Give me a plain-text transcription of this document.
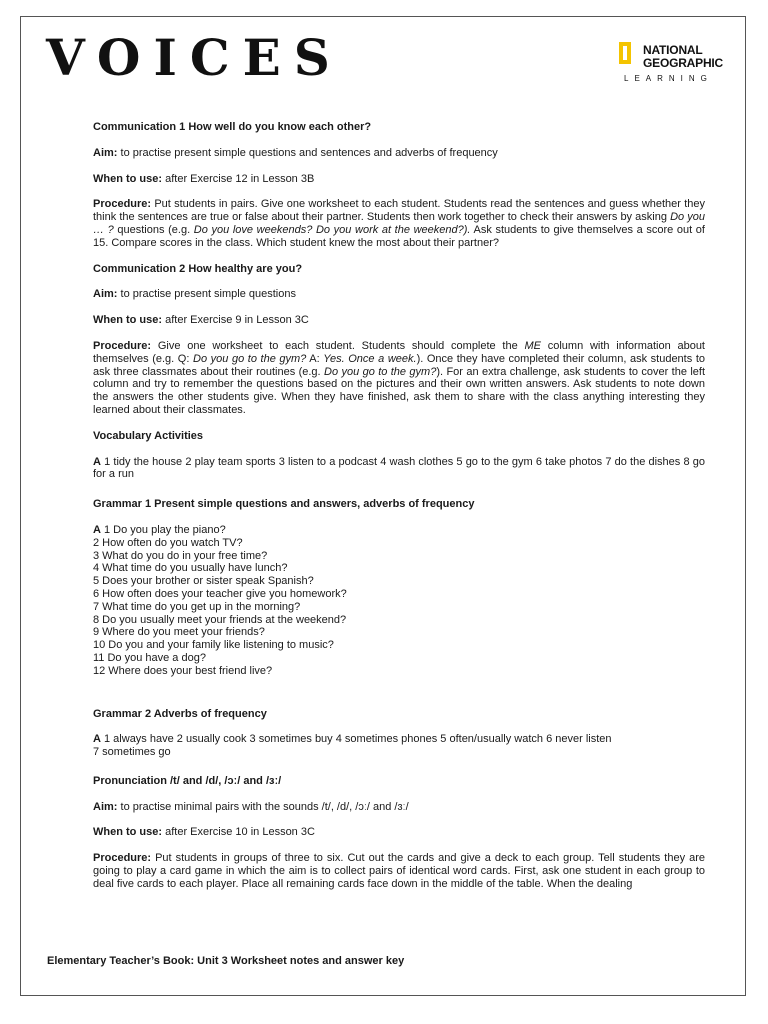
VOICES	NATIONAL
GEOGRAPHIC
LEARNING

Communication 1 How well do you know each other?

Aim: to practise present simple questions and sentences and adverbs of frequency

When to use: after Exercise 12 in Lesson 3B

Procedure: Put students in pairs. Give one worksheet to each student. Students read the sentences and guess whether they think the sentences are true or false about their partner. Students then work together to check their answers by asking Do you … ? questions (e.g. Do you love weekends? Do you work at the weekend?). Ask students to give themselves a score out of 15. Compare scores in the class. Which student knew the most about their partner?

Communication 2 How healthy are you?

Aim: to practise present simple questions

When to use: after Exercise 9 in Lesson 3C

Procedure: Give one worksheet to each student. Students should complete the ME column with information about themselves (e.g. Q: Do you go to the gym? A: Yes. Once a week.). Once they have completed their column, ask students to ask three classmates about their routines (e.g. Do you go to the gym?). For an extra challenge, ask students to cover the left column and try to remember the questions based on the pictures and their own written answers. Ask students to note down the answers the other students give. When they have finished, ask them to share with the class anything interesting they learned about their classmates.

Vocabulary Activities

A 1 tidy the house 2 play team sports 3 listen to a podcast 4 wash clothes 5 go to the gym 6 take photos 7 do the dishes 8 go for a run

Grammar 1 Present simple questions and answers, adverbs of frequency

A 1 Do you play the piano?
2 How often do you watch TV?
3 What do you do in your free time?
4 What time do you usually have lunch?
5 Does your brother or sister speak Spanish?
6 How often does your teacher give you homework?
7 What time do you get up in the morning?
8 Do you usually meet your friends at the weekend?
9 Where do you meet your friends?
10 Do you and your family like listening to music?
11 Do you have a dog?
12 Where does your best friend live?

Grammar 2 Adverbs of frequency

A 1 always have 2 usually cook 3 sometimes buy 4 sometimes phones 5 often/usually watch 6 never listen
7 sometimes go

Pronunciation /t/ and /d/, /ɔː/ and /ɜː/

Aim: to practise minimal pairs with the sounds /t/, /d/, /ɔː/ and /ɜː/

When to use: after Exercise 10 in Lesson 3C

Procedure: Put students in groups of three to six. Cut out the cards and give a deck to each group. Tell students they are going to play a card game in which the aim is to collect pairs of identical word cards. First, ask one student in each group to deal five cards to each player. Place all remaining cards face down in the middle of the table. When the dealing

Elementary Teacher’s Book: Unit 3 Worksheet notes and answer key
